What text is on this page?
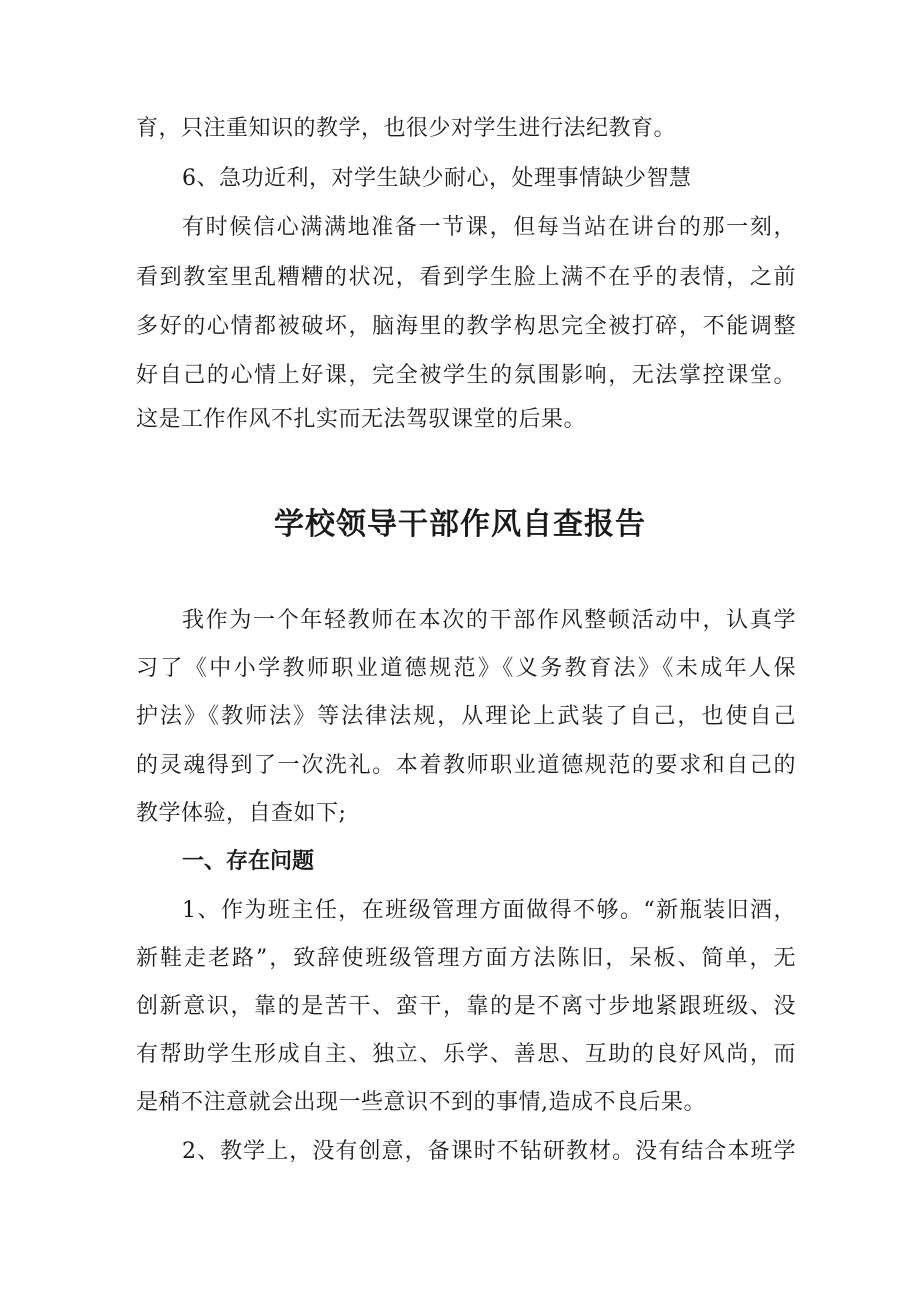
育，只注重知识的教学，也很少对学生进行法纪教育。
6、急功近利，对学生缺少耐心，处理事情缺少智慧
有时候信心满满地准备一节课，但每当站在讲台的那一刻，
看到教室里乱糟糟的状况，看到学生脸上满不在乎的表情，之前
多好的心情都被破坏，脑海里的教学构思完全被打碎，不能调整
好自己的心情上好课，完全被学生的氛围影响，无法掌控课堂。
这是工作作风不扎实而无法驾驭课堂的后果。
学校领导干部作风自查报告
我作为一个年轻教师在本次的干部作风整顿活动中，认真学
习了《中小学教师职业道德规范》《义务教育法》《未成年人保
护法》《教师法》等法律法规，从理论上武装了自己，也使自己
的灵魂得到了一次洗礼。本着教师职业道德规范的要求和自己的
教学体验，自查如下;
一、存在问题
1、作为班主任，在班级管理方面做得不够。“新瓶装旧酒，
新鞋走老路”，致辞使班级管理方面方法陈旧，呆板、简单，无
创新意识，靠的是苦干、蛮干，靠的是不离寸步地紧跟班级、没
有帮助学生形成自主、独立、乐学、善思、互助的良好风尚，而
是稍不注意就会出现一些意识不到的事情,造成不良后果。
2、教学上，没有创意，备课时不钻研教材。没有结合本班学
